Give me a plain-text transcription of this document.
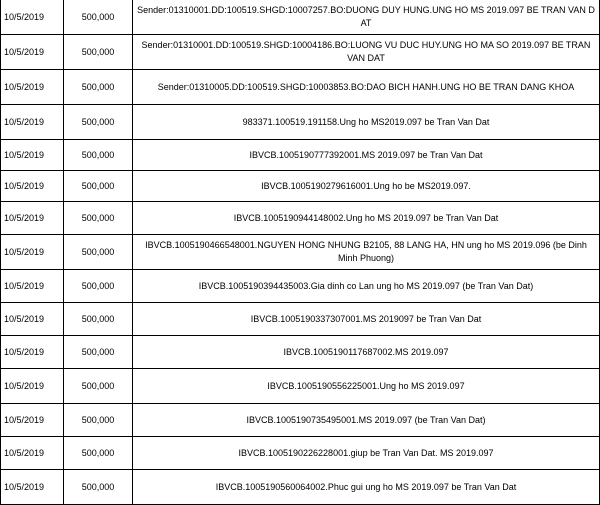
10/5/2019	500,000	Sender:01310001.DD:100519.SHGD:10007257.BO:DUONG DUY HUNG.UNG HO MS 2019.097 BE TRAN VAN D AT
10/5/2019	500,000	Sender:01310001.DD:100519.SHGD:10004186.BO:LUONG VU DUC HUY.UNG HO MA SO 2019.097 BE TRAN VAN DAT
10/5/2019	500,000	Sender:01310005.DD:100519.SHGD:10003853.BO:DAO BICH HANH.UNG HO BE TRAN DANG KHOA
10/5/2019	500,000	983371.100519.191158.Ung ho MS2019.097 be Tran Van Dat
10/5/2019	500,000	IBVCB.1005190777392001.MS 2019.097 be Tran Van Dat
10/5/2019	500,000	IBVCB.1005190279616001.Ung ho be MS2019.097.
10/5/2019	500,000	IBVCB.1005190944148002.Ung ho MS 2019.097 be Tran Van Dat
10/5/2019	500,000	IBVCB.1005190466548001.NGUYEN HONG NHUNG B2105, 88 LANG HA, HN ung ho MS 2019.096 (be Dinh Minh Phuong)
10/5/2019	500,000	IBVCB.1005190394435003.Gia dinh co Lan ung ho MS 2019.097 (be Tran Van Dat)
10/5/2019	500,000	IBVCB.1005190337307001.MS 2019097 be Tran Van Dat
10/5/2019	500,000	IBVCB.1005190117687002.MS 2019.097
10/5/2019	500,000	IBVCB.1005190556225001.Ung ho MS 2019.097
10/5/2019	500,000	IBVCB.1005190735495001.MS 2019.097 (be Tran Van Dat)
10/5/2019	500,000	IBVCB.1005190226228001.giup be Tran Van Dat. MS 2019.097
10/5/2019	500,000	IBVCB.1005190560064002.Phuc gui ung ho MS 2019.097 be Tran Van Dat
